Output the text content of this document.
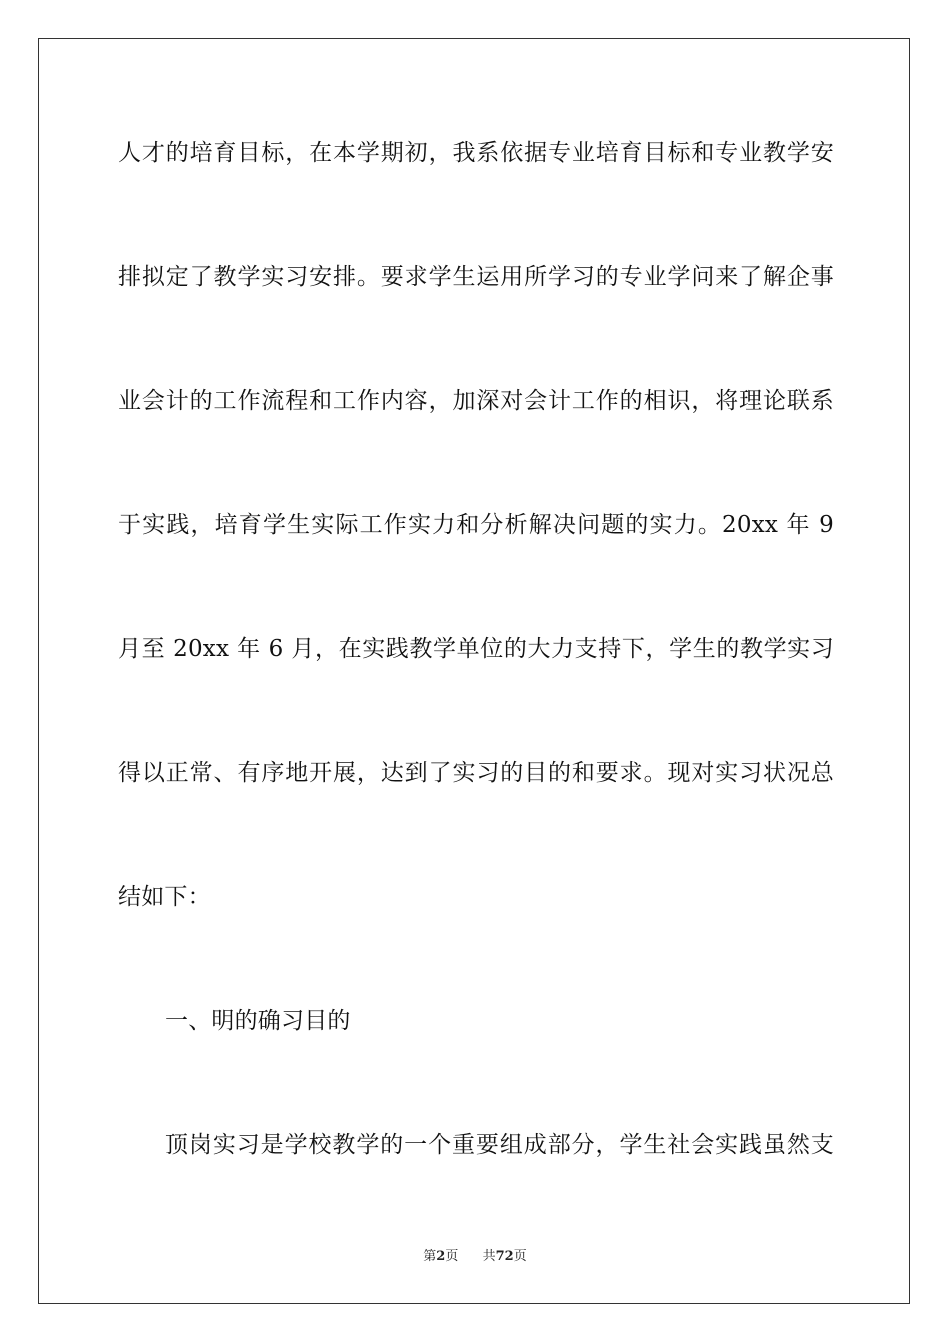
人才的培育目标，在本学期初，我系依据专业培育目标和专业教学安
排拟定了教学实习安排。要求学生运用所学习的专业学问来了解企事
业会计的工作流程和工作内容，加深对会计工作的相识，将理论联系
于实践，培育学生实际工作实力和分析解决问题的实力。20xx 年 9
月至 20xx 年 6 月，在实践教学单位的大力支持下，学生的教学实习
得以正常、有序地开展，达到了实习的目的和要求。现对实习状况总
结如下：
一、明的确习目的
顶岗实习是学校教学的一个重要组成部分，学生社会实践虽然支
第2页 共72页
